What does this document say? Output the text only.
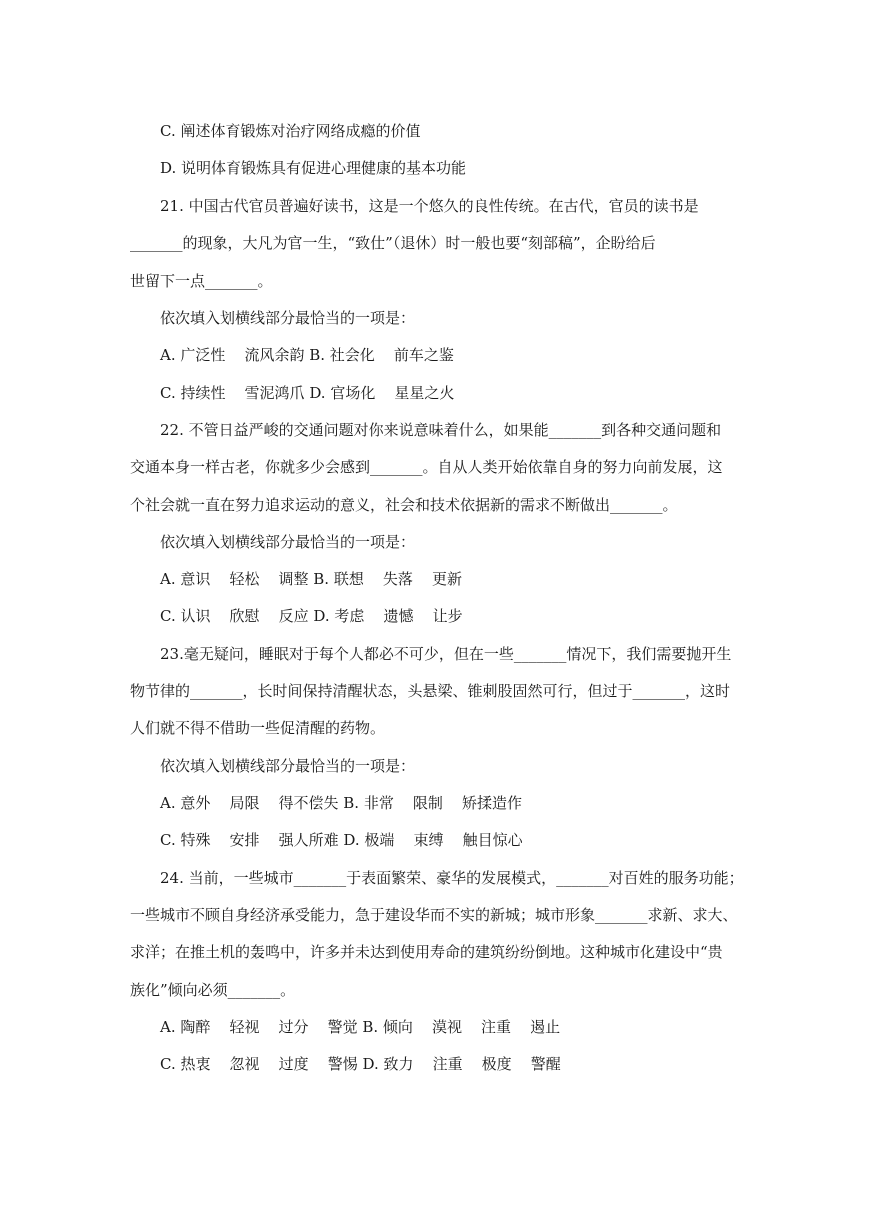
C. 阐述体育锻炼对治疗网络成瘾的价值
D. 说明体育锻炼具有促进心理健康的基本功能
21. 中国古代官员普遍好读书，这是一个悠久的良性传统。在古代，官员的读书是
_______的现象，大凡为官一生，“致仕”（退休）时一般也要“刻部稿”，企盼给后
世留下一点_______。
依次填入划横线部分最恰当的一项是：
A. 广泛性    流风余韵 B. 社会化    前车之鉴
C. 持续性    雪泥鸿爪 D. 官场化    星星之火
22. 不管日益严峻的交通问题对你来说意味着什么，如果能_______到各种交通问题和
交通本身一样古老，你就多少会感到_______。自从人类开始依靠自身的努力向前发展，这
个社会就一直在努力追求运动的意义，社会和技术依据新的需求不断做出_______。
依次填入划横线部分最恰当的一项是：
A. 意识    轻松    调整 B. 联想    失落    更新
C. 认识    欣慰    反应 D. 考虑    遗憾    让步
23.毫无疑问，睡眠对于每个人都必不可少，但在一些_______情况下，我们需要抛开生
物节律的_______，长时间保持清醒状态，头悬梁、锥刺股固然可行，但过于_______，这时
人们就不得不借助一些促清醒的药物。
依次填入划横线部分最恰当的一项是：
A. 意外    局限    得不偿失 B. 非常    限制    矫揉造作
C. 特殊    安排    强人所难 D. 极端    束缚    触目惊心
24. 当前，一些城市_______于表面繁荣、豪华的发展模式，_______对百姓的服务功能；
一些城市不顾自身经济承受能力，急于建设华而不实的新城；城市形象_______求新、求大、
求洋；在推土机的轰鸣中，许多并未达到使用寿命的建筑纷纷倒地。这种城市化建设中“贵
族化”倾向必须_______。
A. 陶醉    轻视    过分    警觉 B. 倾向    漠视    注重    遏止
C. 热衷    忽视    过度    警惕 D. 致力    注重    极度    警醒
